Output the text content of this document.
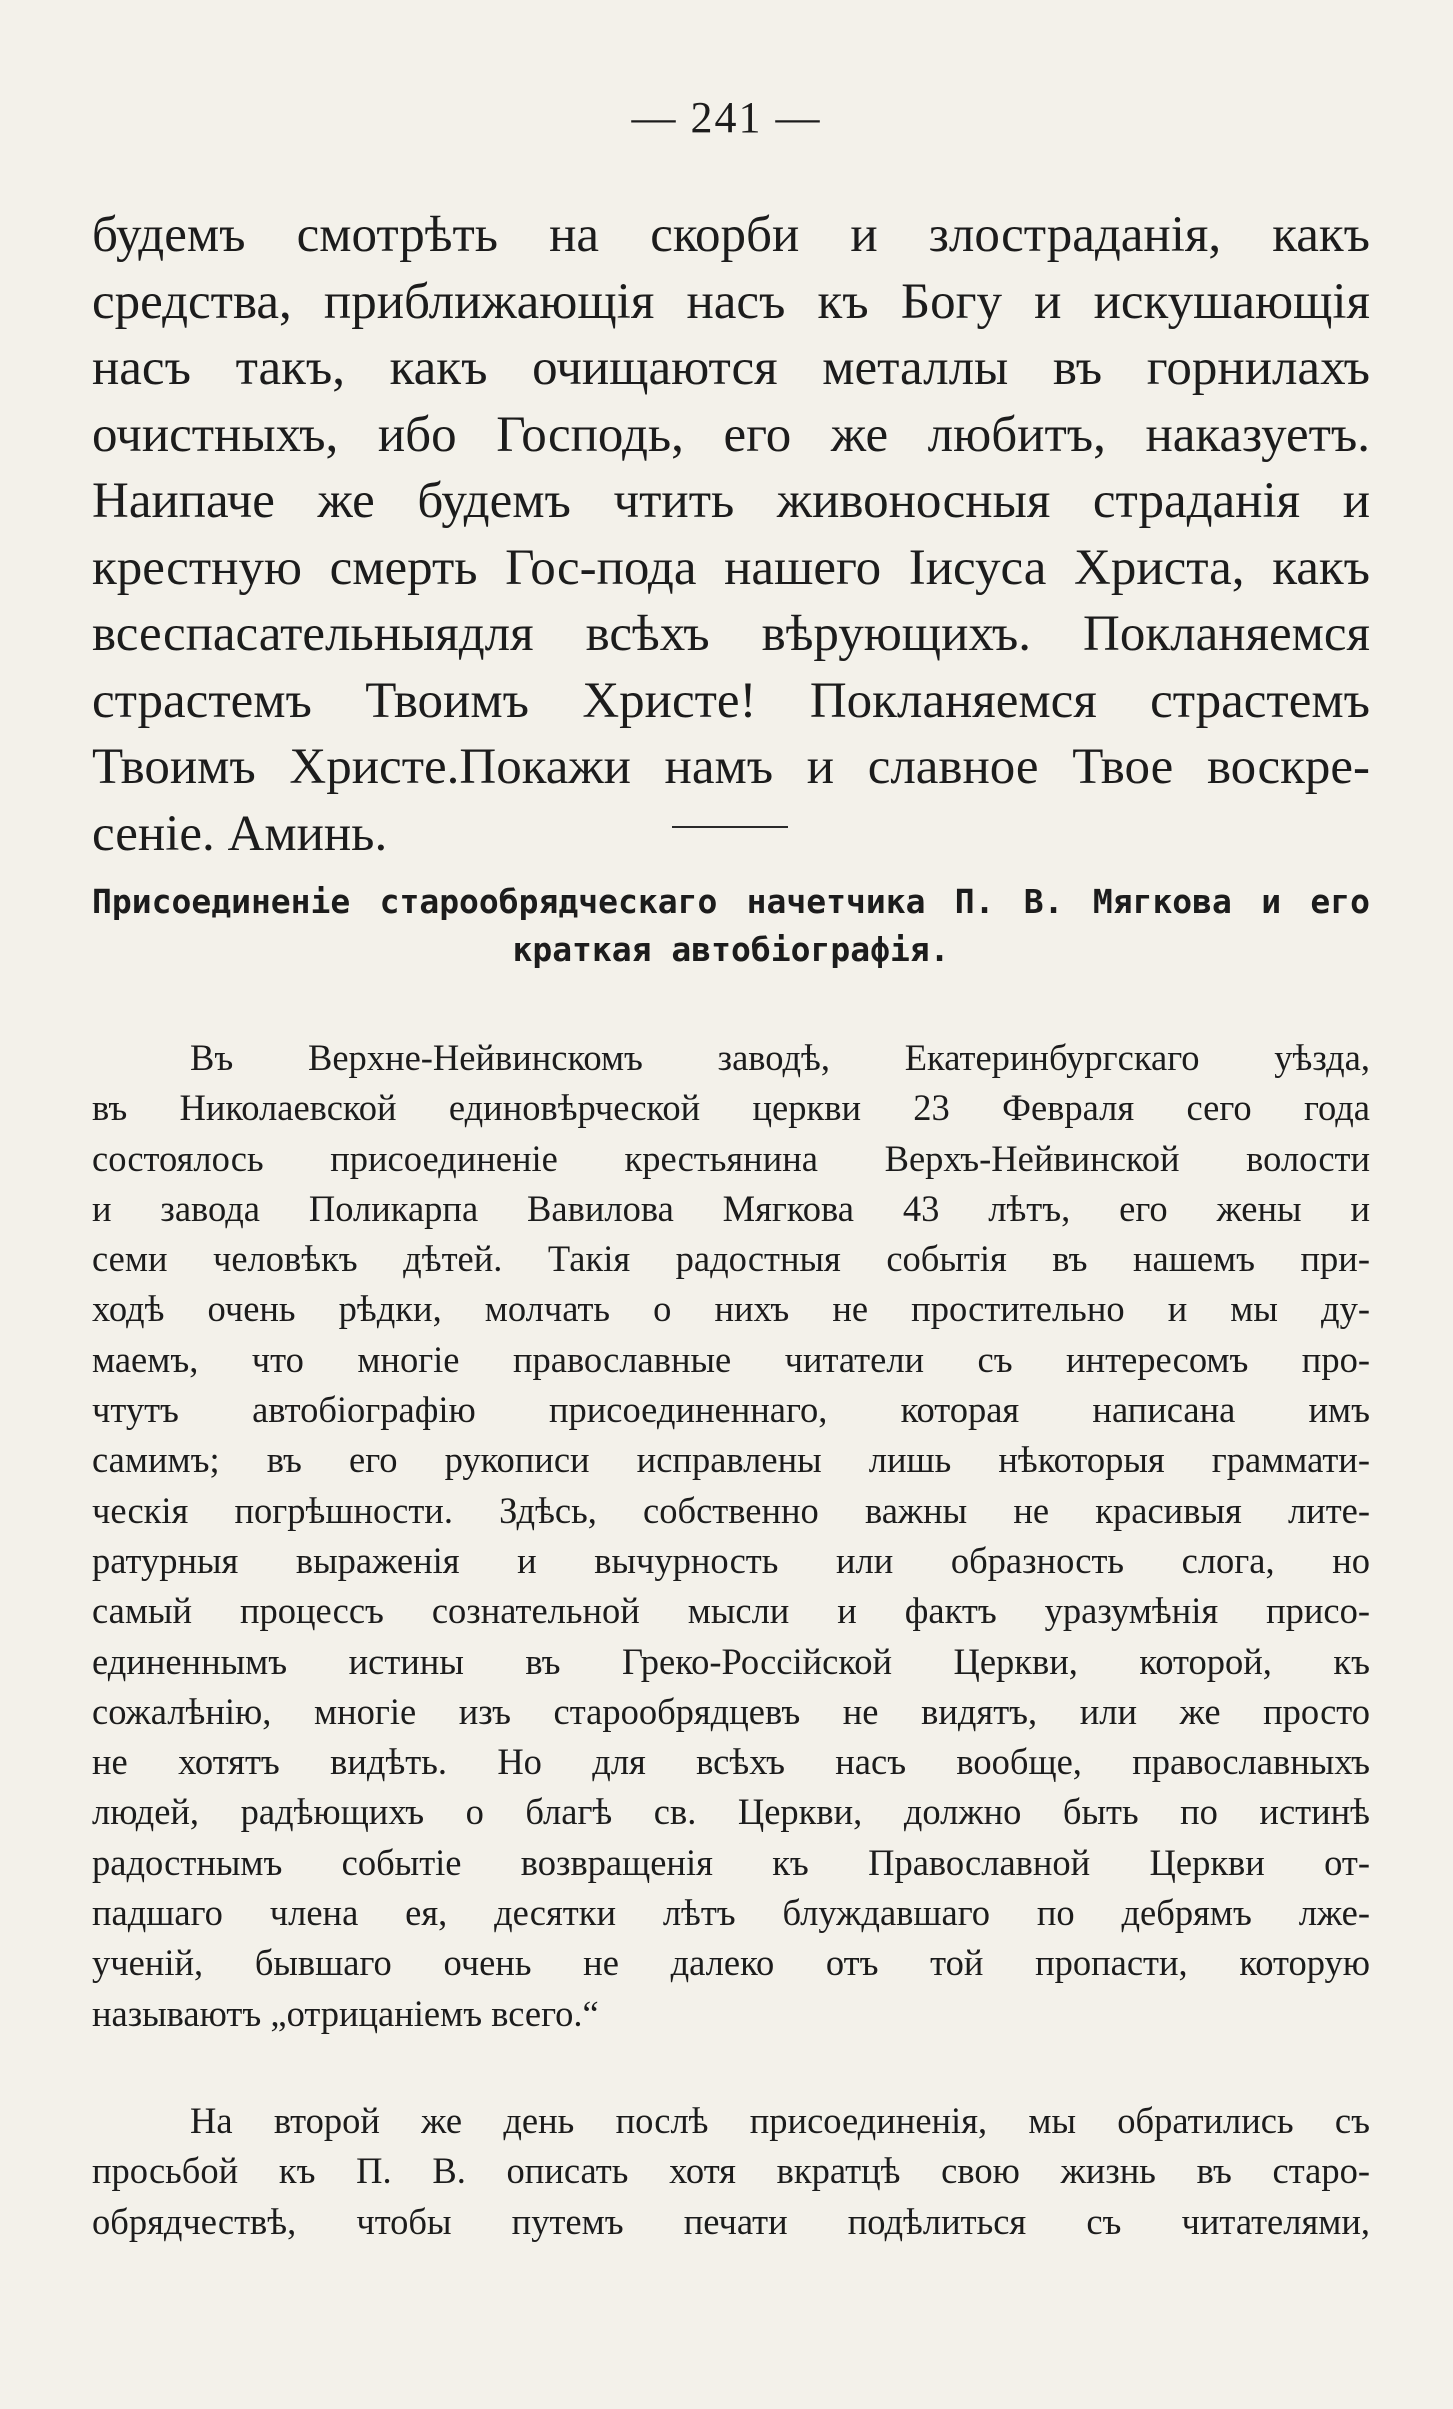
— 241 —
будемъ смотрѣть на скорби и злостраданія, какъ
средства, приближающія насъ къ Богу и искушающія
насъ такъ, какъ очищаются металлы въ горнилахъ
очистныхъ, ибо Господь, его же любитъ, наказуетъ.
Наипаче же будемъ чтить живоносныя страданія и
крестную смерть Гос-пода нашего Іисуса Христа, какъ
всеспасательныядля всѣхъ вѣрующихъ. Покланяемся
страстемъ Твоимъ Христе! Покланяемся страстемъ
Твоимъ Христе.Покажи намъ и славное Твое воскре-
сеніе. Аминь.
Присоединеніе старообрядческаго начетчика П. В. Мягкова и его
краткая автобіографія.
Въ Верхне-Нейвинскомъ заводѣ, Екатеринбургскаго уѣзда,
въ Николаевской единовѣрческой церкви 23 Февраля сего года
состоялось присоединеніе крестьянина Верхъ-Нейвинской волости
и завода Поликарпа Вавилова Мягкова 43 лѣтъ, его жены и
семи человѣкъ дѣтей. Такія радостныя событія въ нашемъ при-
ходѣ очень рѣдки, молчать о нихъ не простительно и мы ду-
маемъ, что многіе православные читатели съ интересомъ про-
чтутъ автобіографію присоединеннаго, которая написана имъ
самимъ; въ его рукописи исправлены лишь нѣкоторыя граммати-
ческія погрѣшности. Здѣсь, собственно важны не красивыя лите-
ратурныя выраженія и вычурность или образность слога, но
самый процессъ сознательной мысли и фактъ уразумѣнія присо-
единеннымъ истины въ Греко-Россійской Церкви, которой, къ
сожалѣнію, многіе изъ старообрядцевъ не видятъ, или же просто
не хотятъ видѣть. Но для всѣхъ насъ вообще, православныхъ
людей, радѣющихъ о благѣ св. Церкви, должно быть по истинѣ
радостнымъ событіе возвращенія къ Православной Церкви от-
падшаго члена ея, десятки лѣтъ блуждавшаго по дебрямъ лже-
ученій, бывшаго очень не далеко отъ той пропасти, которую
называютъ „отрицаніемъ всего.“
На второй же день послѣ присоединенія, мы обратились съ
просьбой къ П. В. описать хотя вкратцѣ свою жизнь въ старо-
обрядчествѣ, чтобы путемъ печати подѣлиться съ читателями,
